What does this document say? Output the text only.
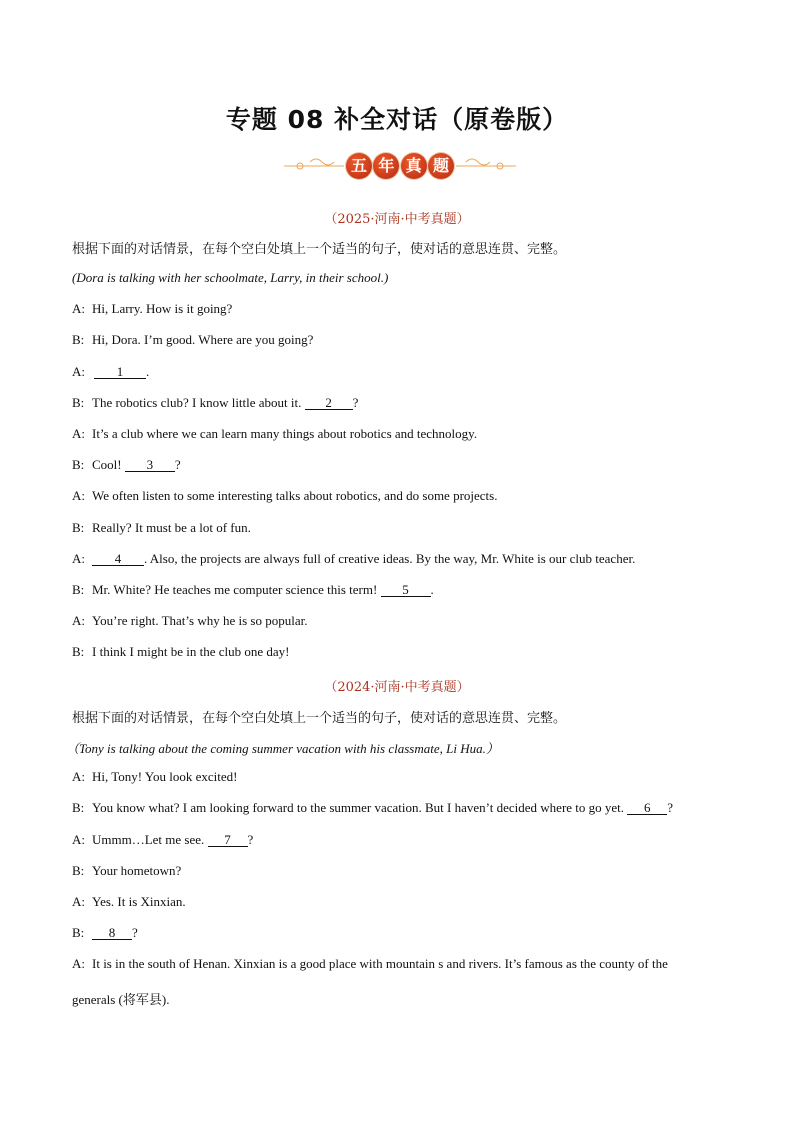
专题 08 补全对话（原卷版）
五 年 真 题
（2025·河南·中考真题）
根据下面的对话情景，在每个空白处填上一个适当的句子，使对话的意思连贯、完整。
(Dora is talking with her schoolmate, Larry, in their school.)
A: Hi, Larry. How is it going?
B: Hi, Dora. I’m good. Where are you going?
A: 1 .
B: The robotics club? I know little about it. 2 ?
A: It’s a club where we can learn many things about robotics and technology.
B: Cool! 3 ?
A: We often listen to some interesting talks about robotics, and do some projects.
B: Really? It must be a lot of fun.
A: 4 . Also, the projects are always full of creative ideas. By the way, Mr. White is our club teacher.
B: Mr. White? He teaches me computer science this term! 5 .
A: You’re right. That’s why he is so popular.
B: I think I might be in the club one day!
（2024·河南·中考真题）
根据下面的对话情景，在每个空白处填上一个适当的句子，使对话的意思连贯、完整。
（Tony is talking about the coming summer vacation with his classmate, Li Hua.）
A: Hi, Tony! You look excited!
B: You know what? I am looking forward to the summer vacation. But I haven’t decided where to go yet. 6 ?
A: Ummm…Let me see. 7 ?
B: Your hometown?
A: Yes. It is Xinxian.
B: 8 ?
A: It is in the south of Henan. Xinxian is a good place with mountain s and rivers. It’s famous as the county of the
generals (将军县).
